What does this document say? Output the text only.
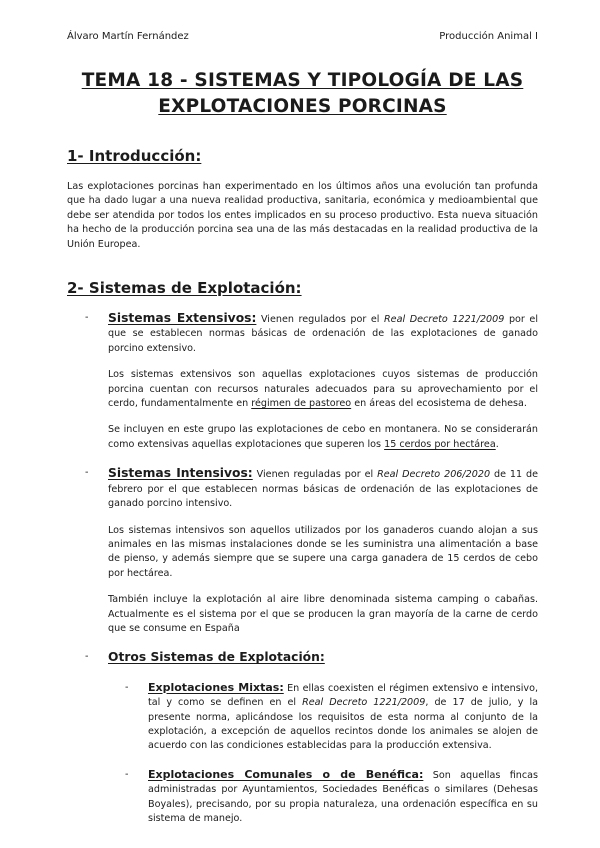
Álvaro Martín Fernández	Producción Animal I
TEMA 18 - SISTEMAS Y TIPOLOGÍA DE LAS
EXPLOTACIONES PORCINAS
1- Introducción:

Las explotaciones porcinas han experimentado en los últimos años una evolución tan profunda que ha dado lugar a una nueva realidad productiva, sanitaria, económica y medioambiental que debe ser atendida por todos los entes implicados en su proceso productivo. Esta nueva situación ha hecho de la producción porcina sea una de las más destacadas en la realidad productiva de la Unión Europea.

2- Sistemas de Explotación:
-	Sistemas Extensivos: Vienen regulados por el Real Decreto 1221/2009 por el que se establecen normas básicas de ordenación de las explotaciones de ganado porcino extensivo.

Los sistemas extensivos son aquellas explotaciones cuyos sistemas de producción porcina cuentan con recursos naturales adecuados para su aprovechamiento por el cerdo, fundamentalmente en régimen de pastoreo en áreas del ecosistema de dehesa.

Se incluyen en este grupo las explotaciones de cebo en montanera. No se considerarán como extensivas aquellas explotaciones que superen los 15 cerdos por hectárea.

-	Sistemas Intensivos: Vienen reguladas por el Real Decreto 206/2020 de 11 de febrero por el que establecen normas básicas de ordenación de las explotaciones de ganado porcino intensivo.

Los sistemas intensivos son aquellos utilizados por los ganaderos cuando alojan a sus animales en las mismas instalaciones donde se les suministra una alimentación a base de pienso, y además siempre que se supere una carga ganadera de 15 cerdos de cebo por hectárea.

También incluye la explotación al aire libre denominada sistema camping o cabañas. Actualmente es el sistema por el que se producen la gran mayoría de la carne de cerdo que se consume en España

-	Otros Sistemas de Explotación:

-	Explotaciones Mixtas: En ellas coexisten el régimen extensivo e intensivo, tal y como se definen en el Real Decreto 1221/2009, de 17 de julio, y la presente norma, aplicándose los requisitos de esta norma al conjunto de la explotación, a excepción de aquellos recintos donde los animales se alojen de acuerdo con las condiciones establecidas para la producción extensiva.

-	Explotaciones Comunales o de Benéfica: Son aquellas fincas administradas por Ayuntamientos, Sociedades Benéficas o similares (Dehesas Boyales), precisando, por su propia naturaleza, una ordenación específica en su sistema de manejo.
